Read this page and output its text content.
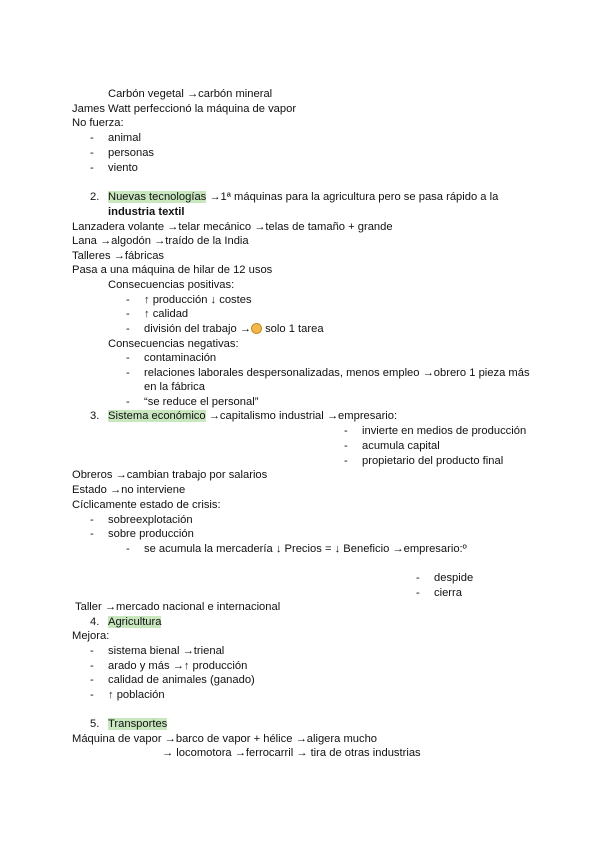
Carbón vegetal →carbón mineral
James Watt perfeccionó la máquina de vapor
No fuerza:
- animal
- personas
- viento
2. Nuevas tecnologías →1ª máquinas para la agricultura pero se pasa rápido a la
industria textil
Lanzadera volante →telar mecánico →telas de tamaño + grande
Lana →algodón →traído de la India
Talleres →fábricas
Pasa a una máquina de hilar de 12 usos
Consecuencias positivas:
- ↑ producción ↓ costes
- ↑ calidad
- división del trabajo → solo 1 tarea
Consecuencias negativas:
- contaminación
- relaciones laborales despersonalizadas, menos empleo →obrero 1 pieza más
en la fábrica
- “se reduce el personal”
3. Sistema económico →capitalismo industrial →empresario:
- invierte en medios de producción
- acumula capital
- propietario del producto final
Obreros →cambian trabajo por salarios
Estado →no interviene
Cíclicamente estado de crisis:
- sobreexplotación
- sobre producción
- se acumula la mercadería ↓ Precios = ↓ Beneficio →empresario:º
- despide
- cierra
Taller →mercado nacional e internacional
4. Agricultura
Mejora:
- sistema bienal →trienal
- arado y más →↑ producción
- calidad de animales (ganado)
- ↑ población
5. Transportes
Máquina de vapor →barco de vapor + hélice →aligera mucho
→ locomotora →ferrocarril → tira de otras industrias
